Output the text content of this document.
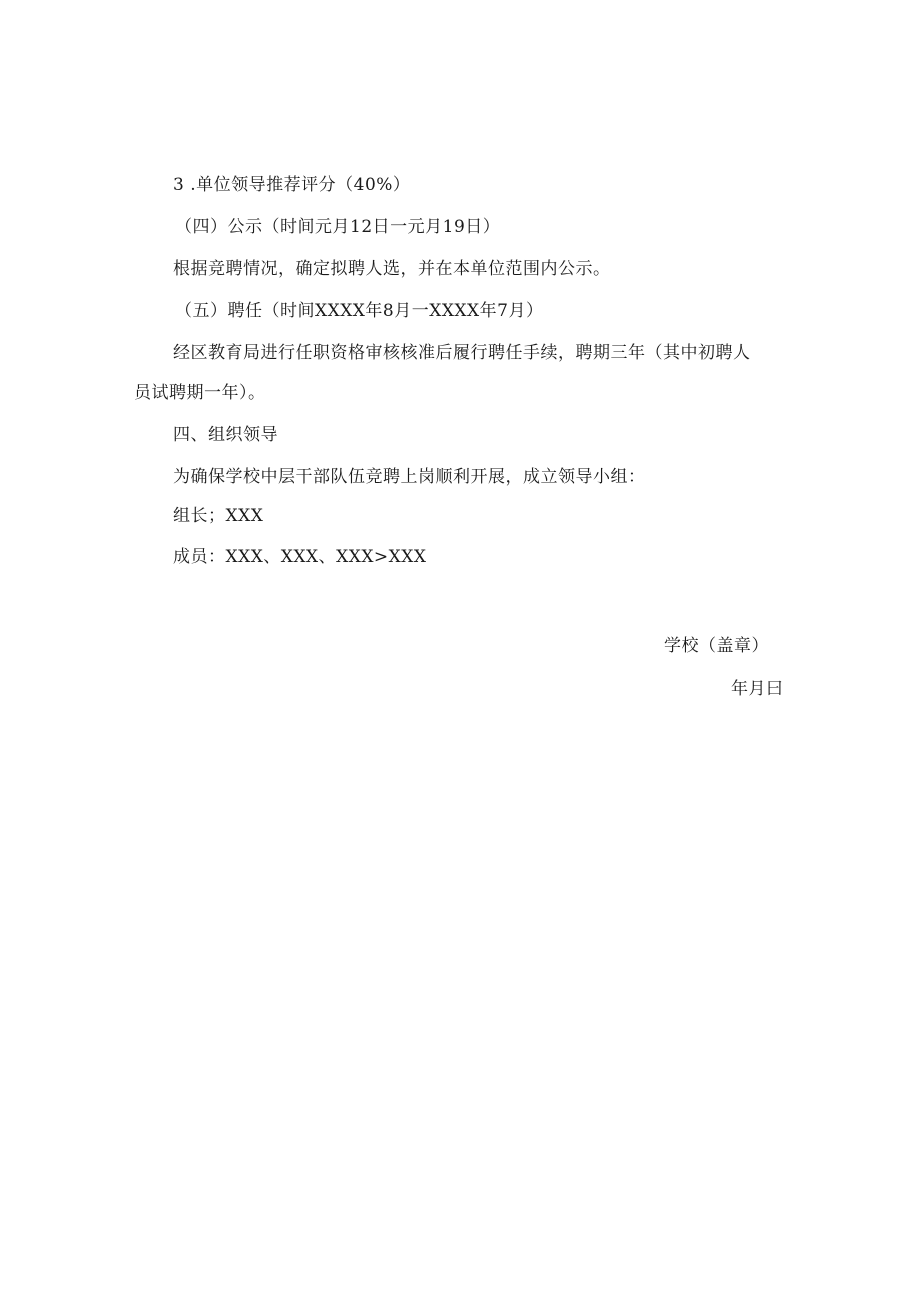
3 .单位领导推荐评分（40%）
（四）公示（时间元月12日一元月19日）
根据竞聘情况，确定拟聘人选，并在本单位范围内公示。
（五）聘任（时间XXXX年8月一XXXX年7月）
经区教育局进行任职资格审核核准后履行聘任手续，聘期三年（其中初聘人
员试聘期一年）。
四、组织领导
为确保学校中层干部队伍竞聘上岗顺利开展，成立领导小组：
组长；XXX
成员：XXX、XXX、XXX>XXX
学校（盖章）
年月曰
